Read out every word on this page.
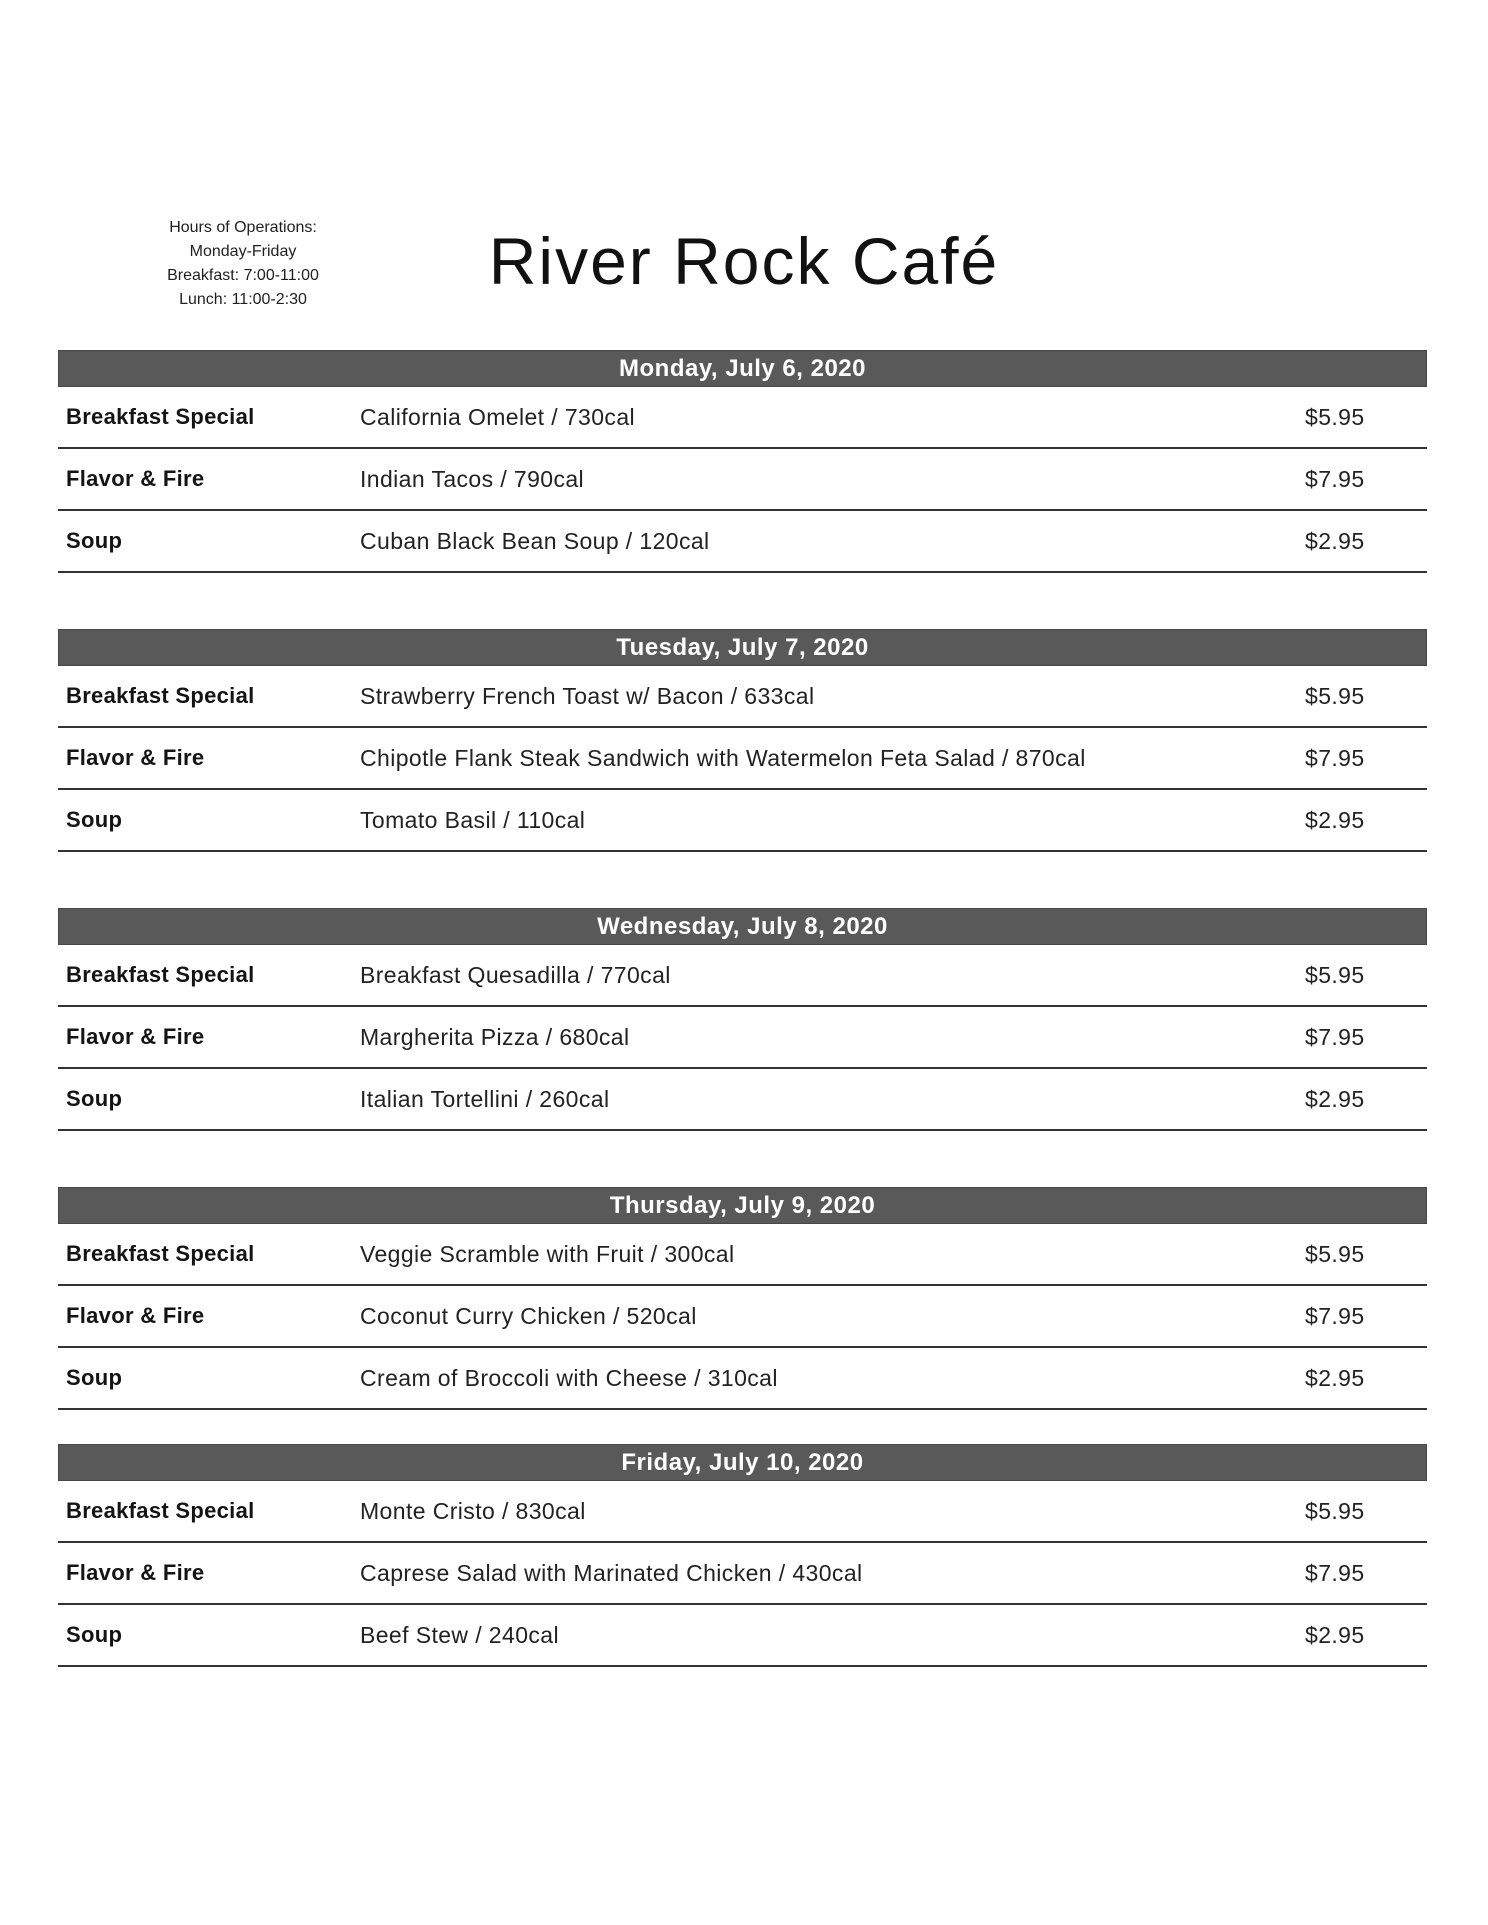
Hours of Operations:
Monday-Friday
Breakfast: 7:00-11:00
Lunch: 11:00-2:30
River Rock Café
Monday, July 6, 2020
Breakfast Special	California Omelet / 730cal	$5.95
Flavor & Fire	Indian Tacos / 790cal	$7.95
Soup	Cuban Black Bean Soup / 120cal	$2.95
Tuesday, July 7, 2020
Breakfast Special	Strawberry French Toast w/ Bacon / 633cal	$5.95
Flavor & Fire	Chipotle Flank Steak Sandwich with Watermelon Feta Salad / 870cal	$7.95
Soup	Tomato Basil / 110cal	$2.95
Wednesday, July 8, 2020
Breakfast Special	Breakfast Quesadilla / 770cal	$5.95
Flavor & Fire	Margherita Pizza / 680cal	$7.95
Soup	Italian Tortellini / 260cal	$2.95
Thursday, July 9, 2020
Breakfast Special	Veggie Scramble with Fruit / 300cal	$5.95
Flavor & Fire	Coconut Curry Chicken / 520cal	$7.95
Soup	Cream of Broccoli with Cheese / 310cal	$2.95
Friday, July 10, 2020
Breakfast Special	Monte Cristo / 830cal	$5.95
Flavor & Fire	Caprese Salad with Marinated Chicken / 430cal	$7.95
Soup	Beef Stew / 240cal	$2.95
